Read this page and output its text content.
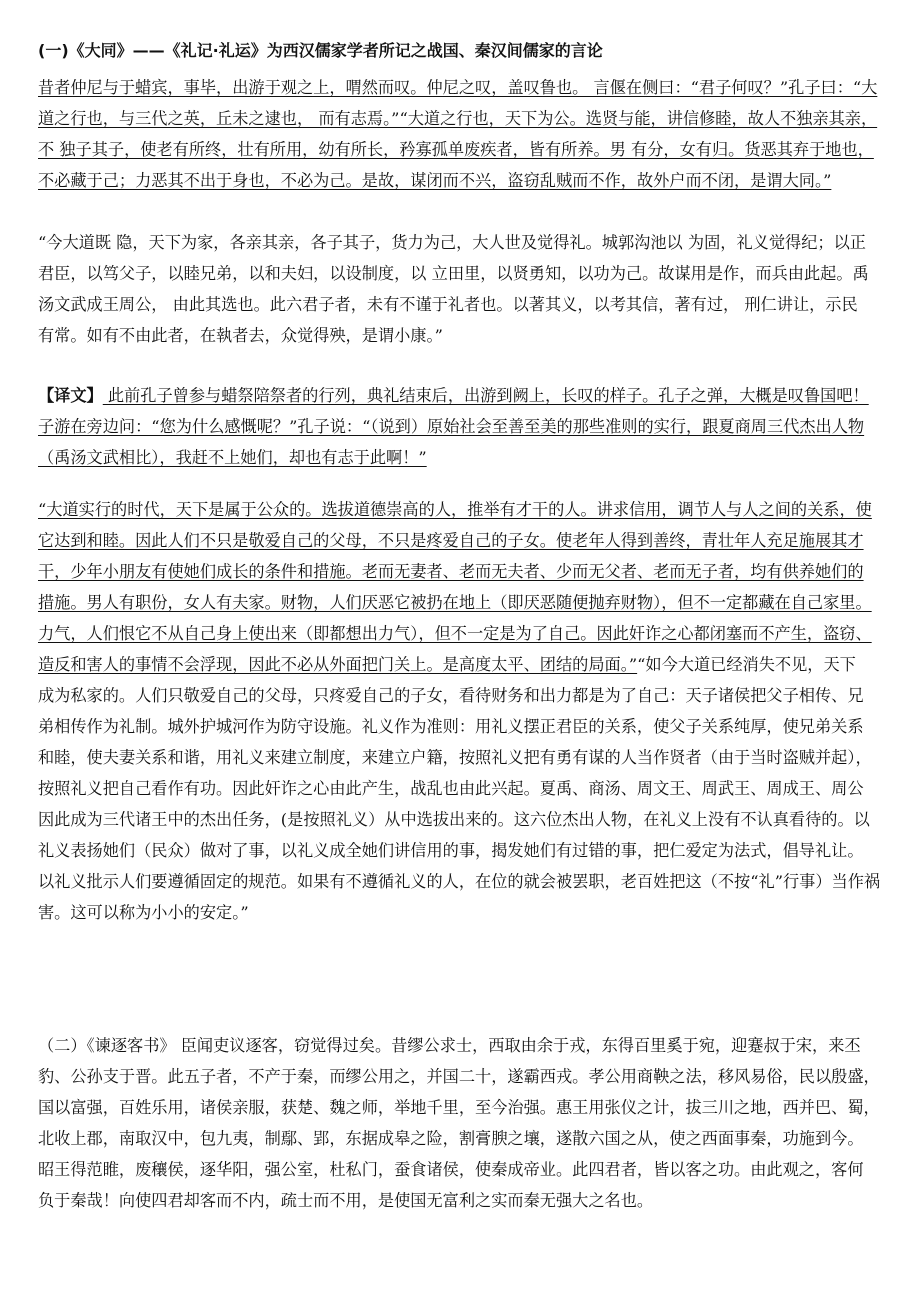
(一)《大同》——《礼记·礼运》为西汉儒家学者所记之战国、秦汉间儒家的言论
昔者仲尼与于蜡宾，事毕，出游于观之上，喟然而叹。仲尼之叹，盖叹鲁也。 言偃在侧曰：“君子何叹？”孔子曰：“大
道之行也，与三代之英，丘未之逮也， 而有志焉。”“大道之行也，天下为公。选贤与能，讲信修睦，故人不独亲其亲，
不 独子其子，使老有所终，壮有所用，幼有所长，矜寡孤单废疾者，皆有所养。男 有分，女有归。货恶其弃于地也，
不必藏于己；力恶其不出于身也，不必为己。是故，谋闭而不兴，盗窃乱贼而不作，故外户而不闭，是谓大同。”
“今大道既 隐，天下为家，各亲其亲，各子其子，货力为己，大人世及觉得礼。城郭沟池以 为固，礼义觉得纪；以正
君臣，以笃父子，以睦兄弟，以和夫妇，以设制度，以 立田里，以贤勇知，以功为己。故谋用是作，而兵由此起。禹
汤文武成王周公， 由此其选也。此六君子者，未有不谨于礼者也。以著其义，以考其信，著有过， 刑仁讲让，示民
有常。如有不由此者，在執者去，众觉得殃，是谓小康。”
【译文】 此前孔子曾参与蜡祭陪祭者的行列，典礼结束后，出游到阙上，长叹的样子。孔子之弹，大概是叹鲁国吧！
子游在旁边问：“您为什么感慨呢？”孔子说：“（说到）原始社会至善至美的那些准则的实行，跟夏商周三代杰出人物
（禹汤文武相比），我赶不上她们，却也有志于此啊！”
“大道实行的时代，天下是属于公众的。选拔道德崇高的人，推举有才干的人。讲求信用，调节人与人之间的关系，使
它达到和睦。因此人们不只是敬爱自己的父母，不只是疼爱自己的子女。使老年人得到善终，青壮年人充足施展其才
干，少年小朋友有使她们成长的条件和措施。老而无妻者、老而无夫者、少而无父者、老而无子者，均有供养她们的
措施。男人有职份，女人有夫家。财物，人们厌恶它被扔在地上（即厌恶随便抛弃财物），但不一定都藏在自己家里。
力气，人们恨它不从自己身上使出来（即都想出力气），但不一定是为了自己。因此奸诈之心都闭塞而不产生，盗窃、
造反和害人的事情不会浮现，因此不必从外面把门关上。是高度太平、团结的局面。”“如今大道已经消失不见，天下
成为私家的。人们只敬爱自己的父母，只疼爱自己的子女，看待财务和出力都是为了自己：天子诸侯把父子相传、兄
弟相传作为礼制。城外护城河作为防守设施。礼义作为准则：用礼义摆正君臣的关系，使父子关系纯厚，使兄弟关系
和睦，使夫妻关系和谐，用礼义来建立制度，来建立户籍，按照礼义把有勇有谋的人当作贤者（由于当时盗贼并起），
按照礼义把自己看作有功。因此奸诈之心由此产生，战乱也由此兴起。夏禹、商汤、周文王、周武王、周成王、周公
因此成为三代诸王中的杰出任务，(是按照礼义）从中选拔出来的。这六位杰出人物，在礼义上没有不认真看待的。以
礼义表扬她们（民众）做对了事，以礼义成全她们讲信用的事，揭发她们有过错的事，把仁爱定为法式，倡导礼让。
以礼义批示人们要遵循固定的规范。如果有不遵循礼义的人，在位的就会被罢职，老百姓把这（不按“礼”行事）当作祸
害。这可以称为小小的安定。”
（二）《谏逐客书》 臣闻吏议逐客，窃觉得过矣。昔缪公求士，西取由余于戎，东得百里奚于宛，迎蹇叔于宋，来丕
豹、公孙支于晋。此五子者，不产于秦，而缪公用之，并国二十，遂霸西戎。孝公用商鞅之法，移风易俗，民以殷盛，
国以富强，百姓乐用，诸侯亲服，获楚、魏之师，举地千里，至今治强。惠王用张仪之计，拔三川之地，西并巴、蜀，
北收上郡，南取汉中，包九夷，制鄢、郢，东据成皋之险，割膏腴之壤，遂散六国之从，使之西面事秦，功施到今。
昭王得范睢，废穰侯，逐华阳，强公室，杜私门，蚕食诸侯，使秦成帝业。此四君者，皆以客之功。由此观之，客何
负于秦哉！向使四君却客而不内，疏士而不用，是使国无富利之实而秦无强大之名也。
